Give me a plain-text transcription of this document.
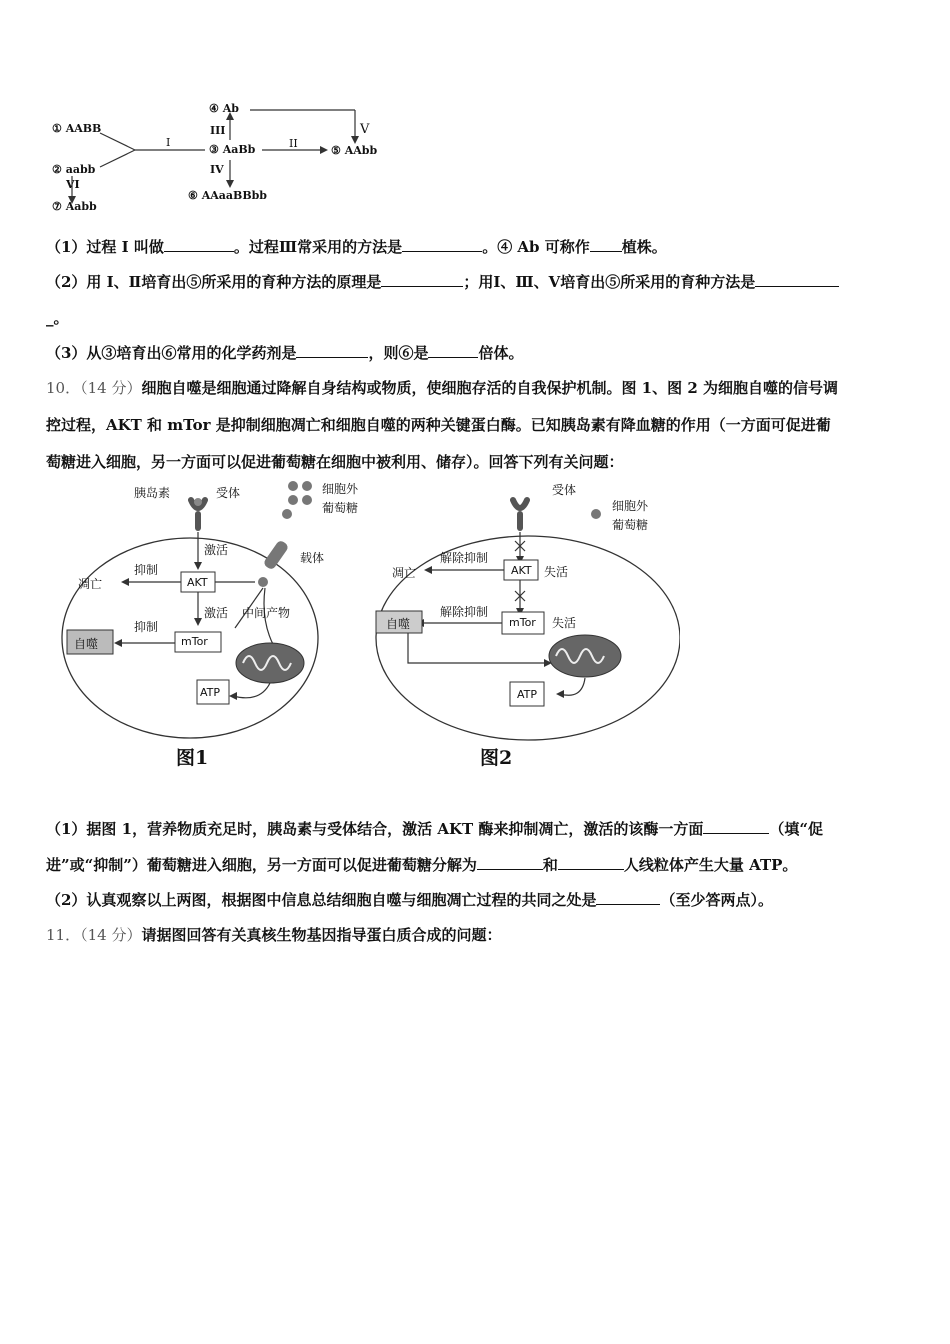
① AABB
② aabb
③ AaBb
④ Ab
⑤ AAbb
⑥ AAaaBBbb
⑦ Aabb
I	II
III
IV
V
VI
（1）过程 I 叫做	。过程Ⅲ常采用的方法是	。④ Ab 可称作 植株。
（2）用 I、Ⅱ培育出⑤所采用的育种方法的原理是	；用Ⅰ、Ⅲ、Ⅴ培育出⑤所采用的育种方法是
_。
（3）从③培育出⑥常用的化学药剂是	，则⑥是	倍体。
10．（14 分）细胞自噬是细胞通过降解自身结构或物质，使细胞存活的自我保护机制。图 1、图 2 为细胞自噬的信号调
控过程，AKT 和 mTor 是抑制细胞凋亡和细胞自噬的两种关键蛋白酶。已知胰岛素有降血糖的作用（一方面可促进葡
萄糖进入细胞，另一方面可以促进葡萄糖在细胞中被利用、储存）。回答下列有关问题：
胰岛素	受体	细胞外
葡萄糖
激活
载体
抑制
凋亡	AKT
激活 中间产物
抑制
自噬	mTor
ATP
图1
受体
细胞外
葡萄糖
解除抑制
凋亡	AKT 失活
解除抑制
自噬	mTor 失活
ATP
图2
（1）据图 1，营养物质充足时，胰岛素与受体结合，激活 AKT 酶来抑制凋亡，激活的该酶一方面	（填“促
进”或“抑制”）葡萄糖进入细胞，另一方面可以促进葡萄糖分解为	和	人线粒体产生大量 ATP。
（2）认真观察以上两图，根据图中信息总结细胞自噬与细胞凋亡过程的共同之处是	（至少答两点）。
11．（14 分）请据图回答有关真核生物基因指导蛋白质合成的问题：
